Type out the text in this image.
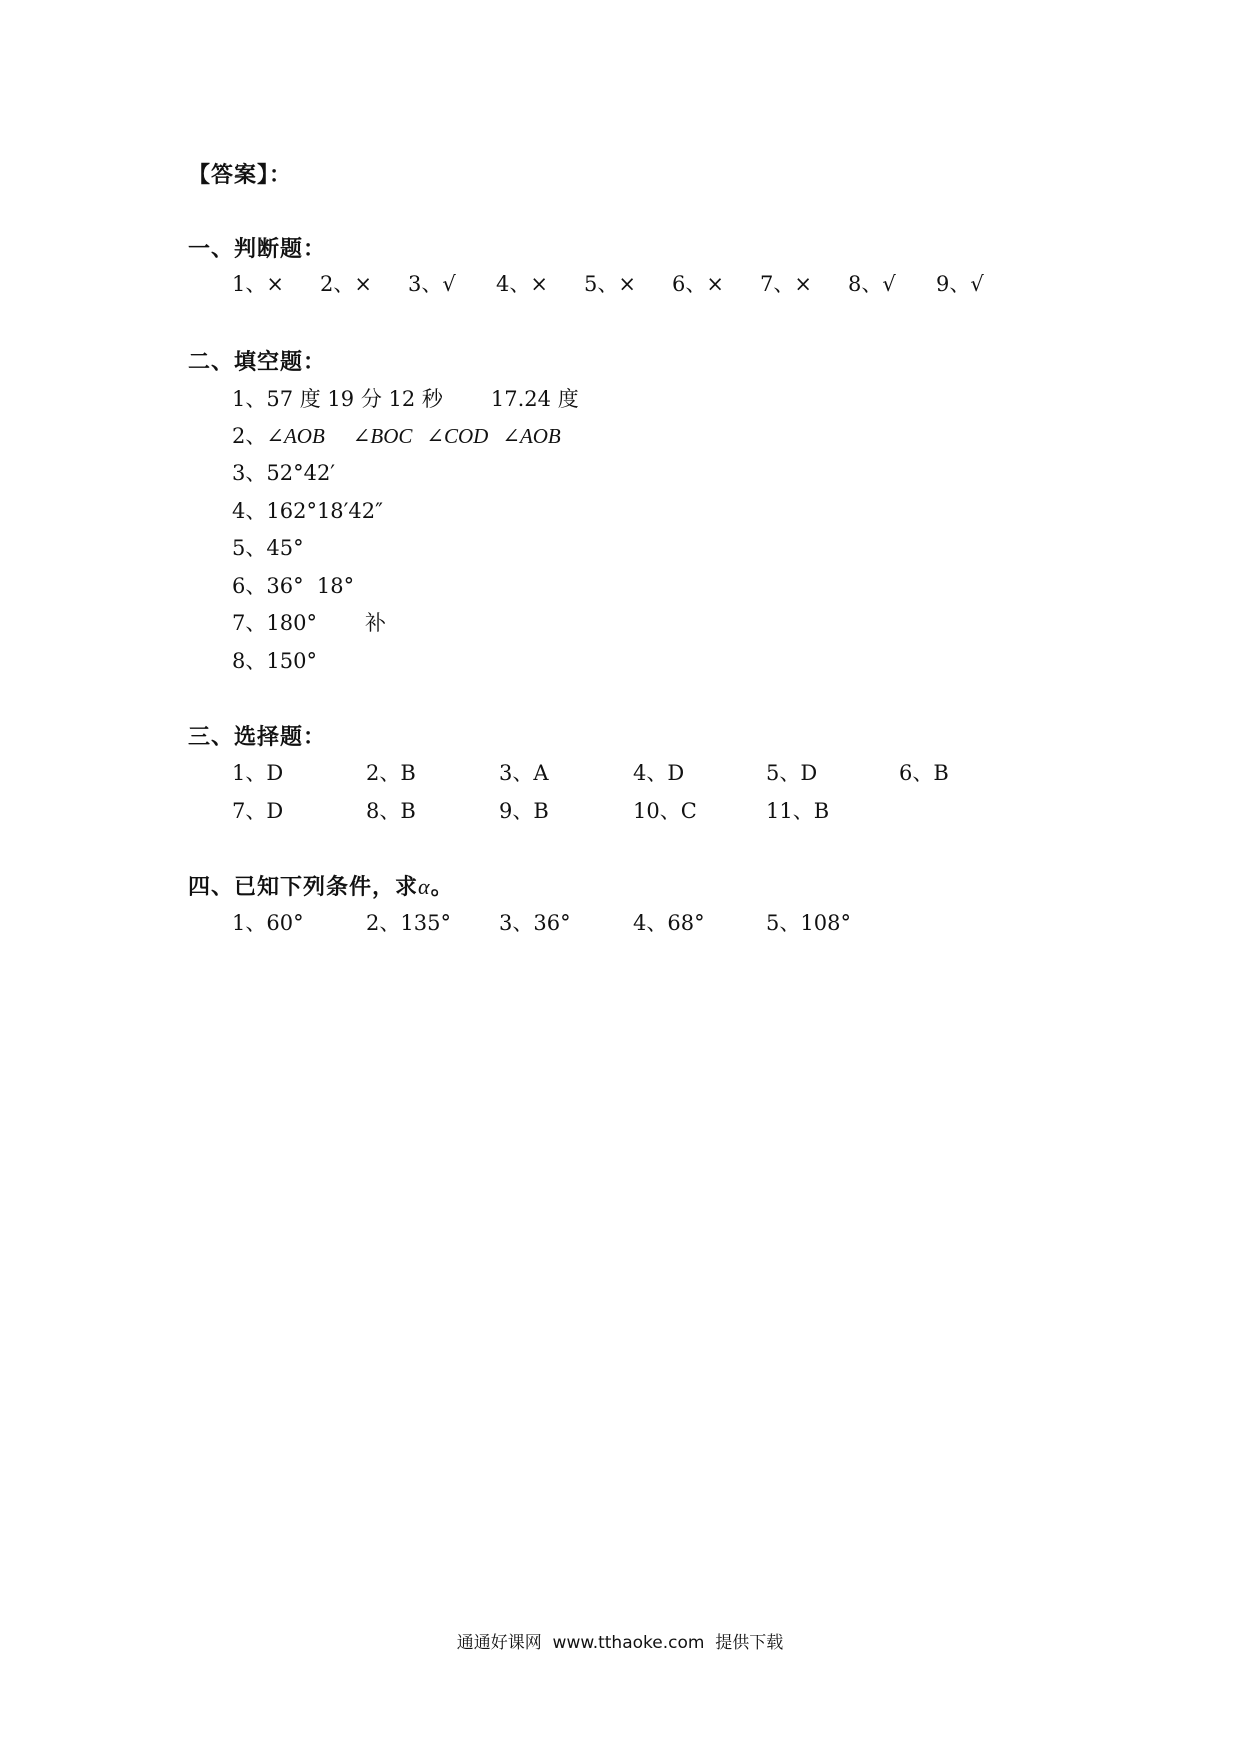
【答案】：
一、判断题：
1、× 2、× 3、√ 4、× 5、× 6、× 7、× 8、√ 9、√
二、填空题：
1、57 度 19 分 12 秒 17.24 度
2、∠AOB ∠BOC ∠COD ∠AOB
3、52°42′
4、162°18′42″
5、45°
6、36°  18°
7、180° 补
8、150°
三、选择题：
1、D	2、B	3、A	4、D	5、D	6、B
7、D	8、B	9、B	10、C	11、B
四、已知下列条件，求α。
1、60°	2、135° 3、36°	4、68°	5、108°
通通好课网  www.tthaoke.com  提供下载
